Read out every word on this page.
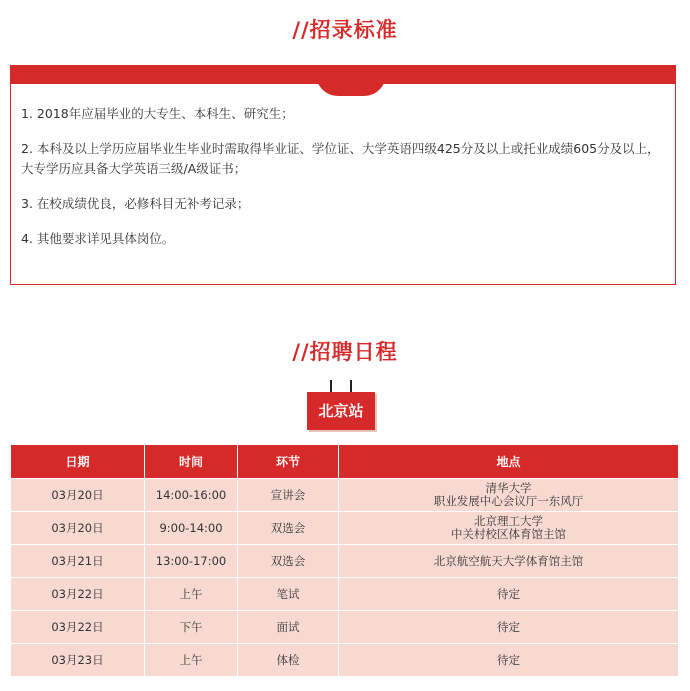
//招录标准

1. 2018年应届毕业的大专生、本科生、研究生；

2. 本科及以上学历应届毕业生毕业时需取得毕业证、学位证、大学英语四级425分及以上或托业成绩605分及以上，大专学历应具备大学英语三级/A级证书；

3. 在校成绩优良，必修科目无补考记录；

4. 其他要求详见具体岗位。

//招聘日程
北京站
日期	时间	环节	地点
03月20日	14:00-16:00	宣讲会	清华大学
职业发展中心会议厅一东风厅

03月20日	9:00-14:00	双选会	北京理工大学
中关村校区体育馆主馆

03月21日	13:00-17:00	双选会	北京航空航天大学体育馆主馆

03月22日	上午	笔试	待定

03月22日	下午	面试	待定

03月23日	上午	体检	待定
